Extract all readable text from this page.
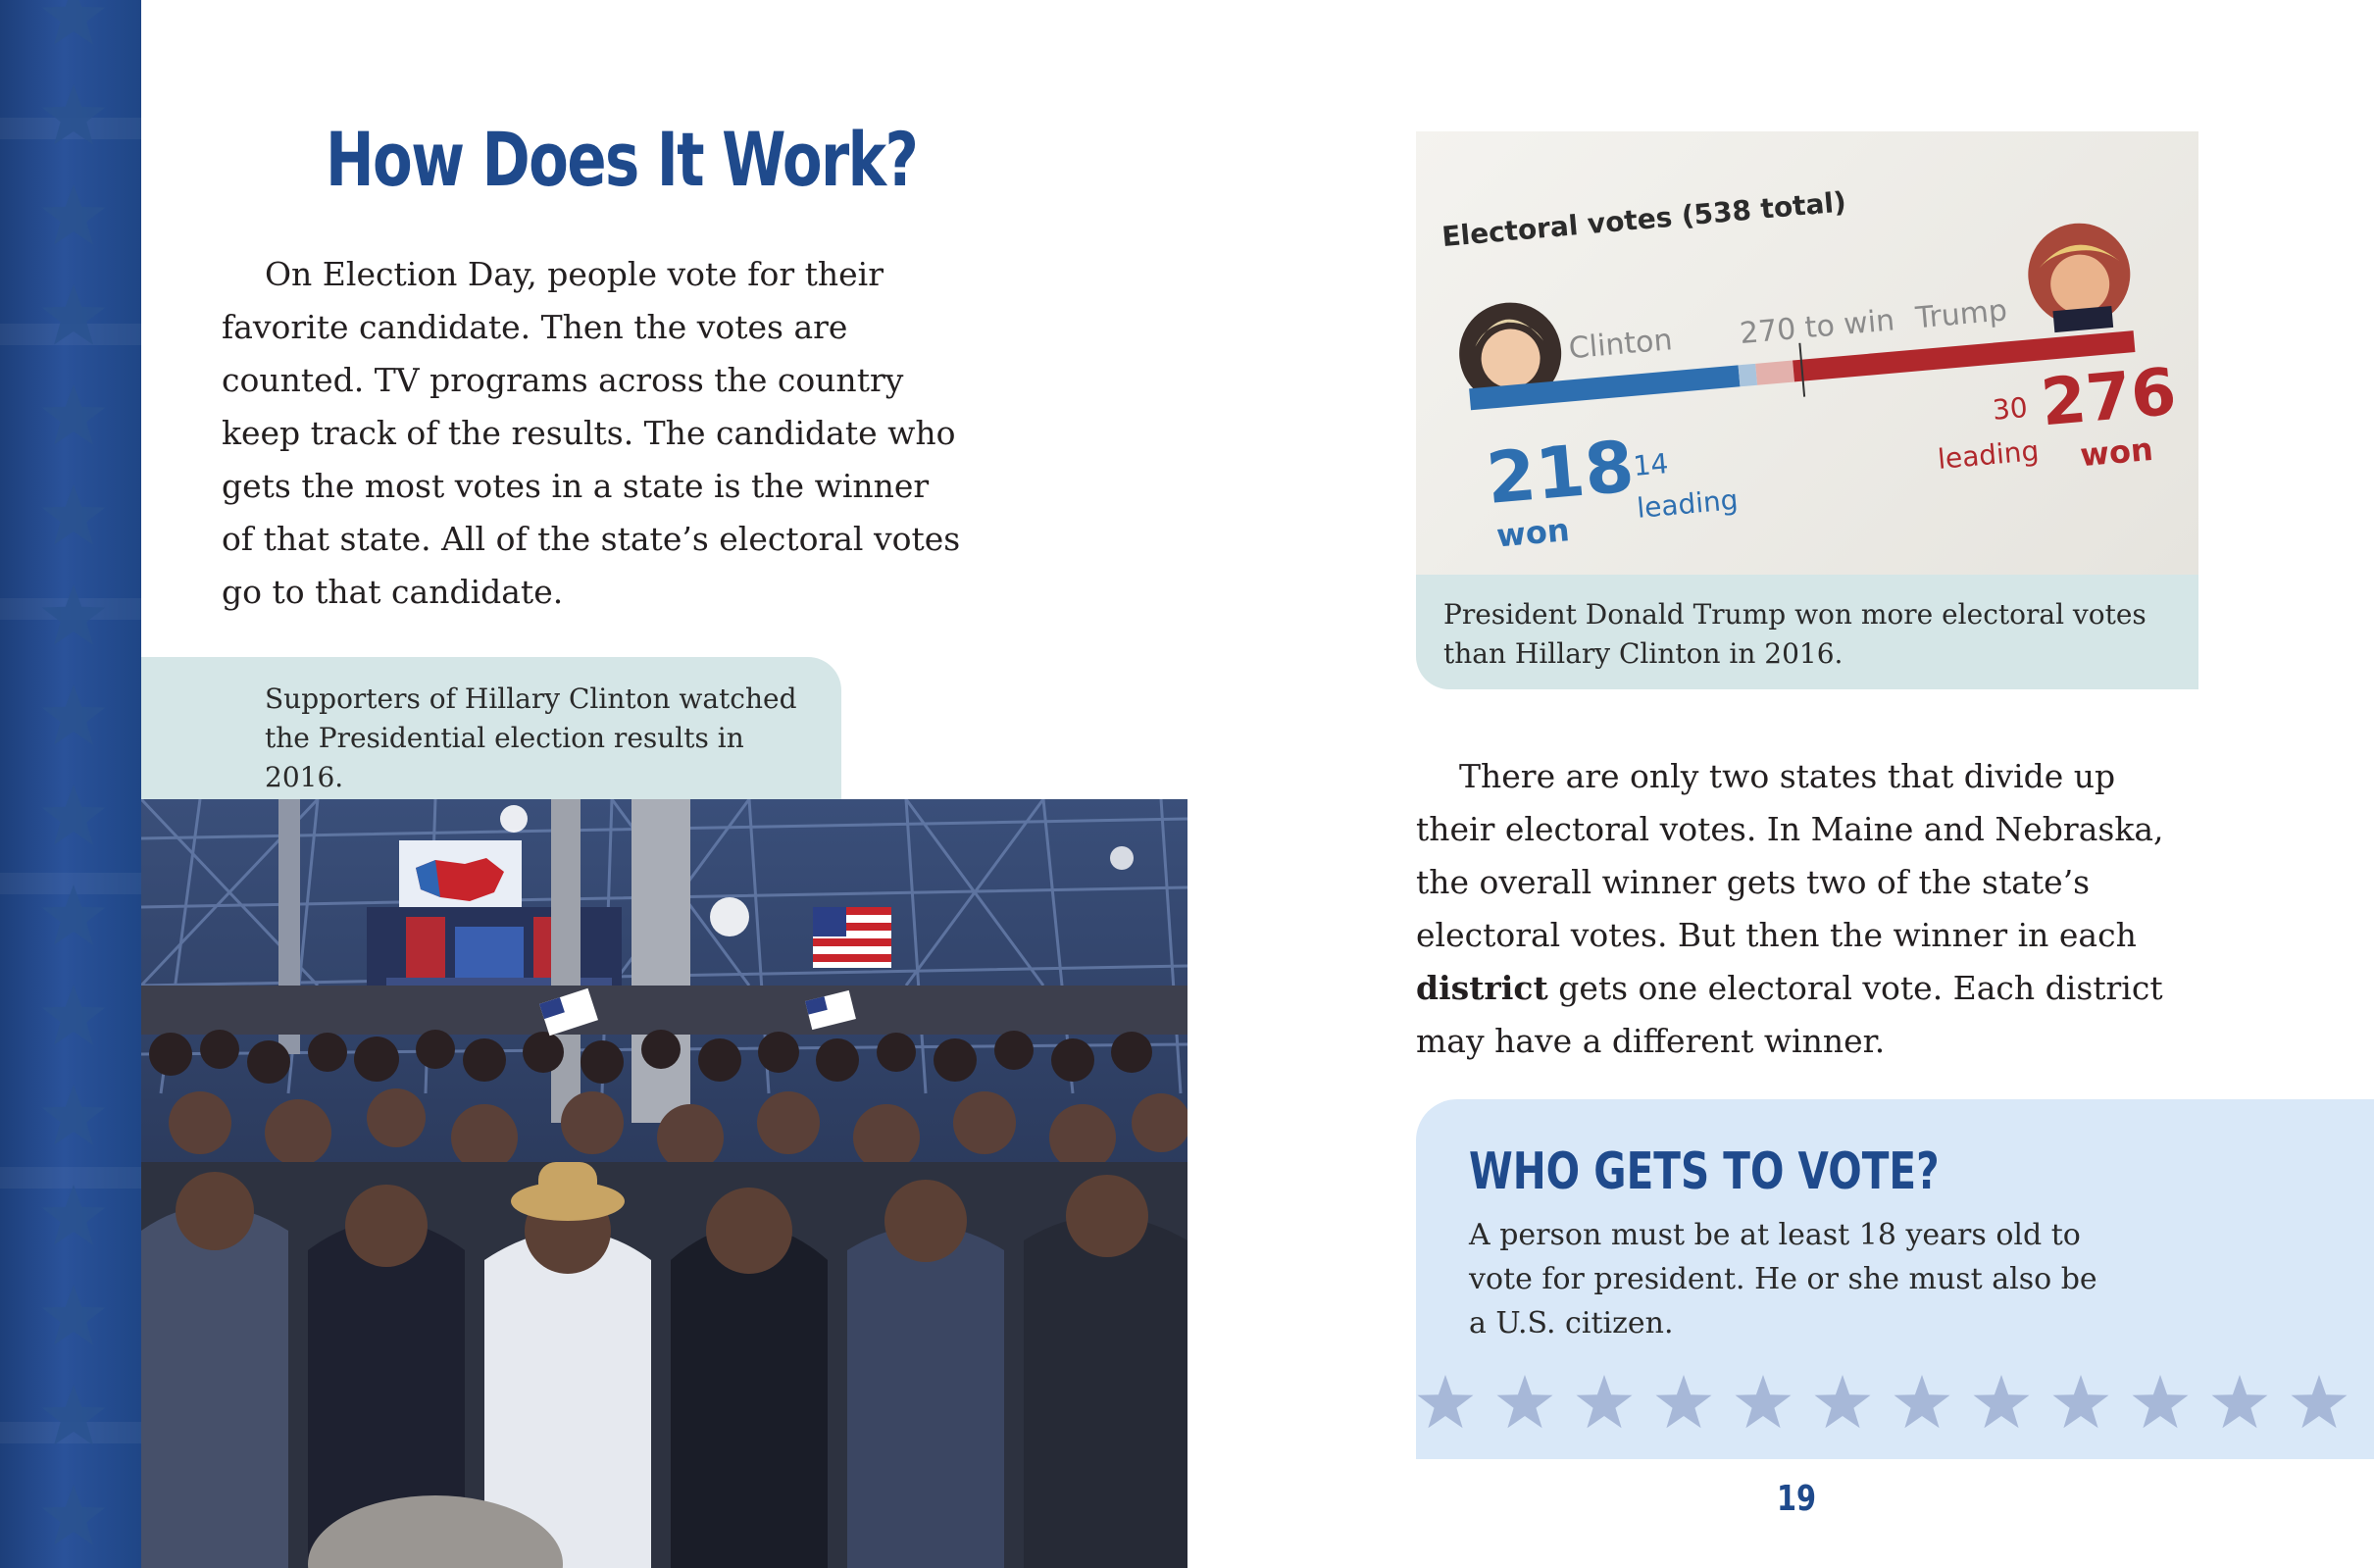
How Does It Work?

On Election Day, people vote for their favorite candidate. Then the votes are counted. TV programs across the country keep track of the results. The candidate who gets the most votes in a state is the winner of that state. All of the state’s electoral votes go to that candidate.

Supporters of Hillary Clinton watched the Presidential election results in 2016.
Electoral votes (538 total)
Clinton 270 to win Trump
218
won
14
leading
30
leading
276
won
President Donald Trump won more electoral votes than Hillary Clinton in 2016.

There are only two states that divide up their electoral votes. In Maine and Nebraska, the overall winner gets two of the state’s electoral votes. But then the winner in each district gets one electoral vote. Each district may have a different winner.

WHO GETS TO VOTE?

A person must be at least 18 years old to vote for president. He or she must also be a U.S. citizen.

19
